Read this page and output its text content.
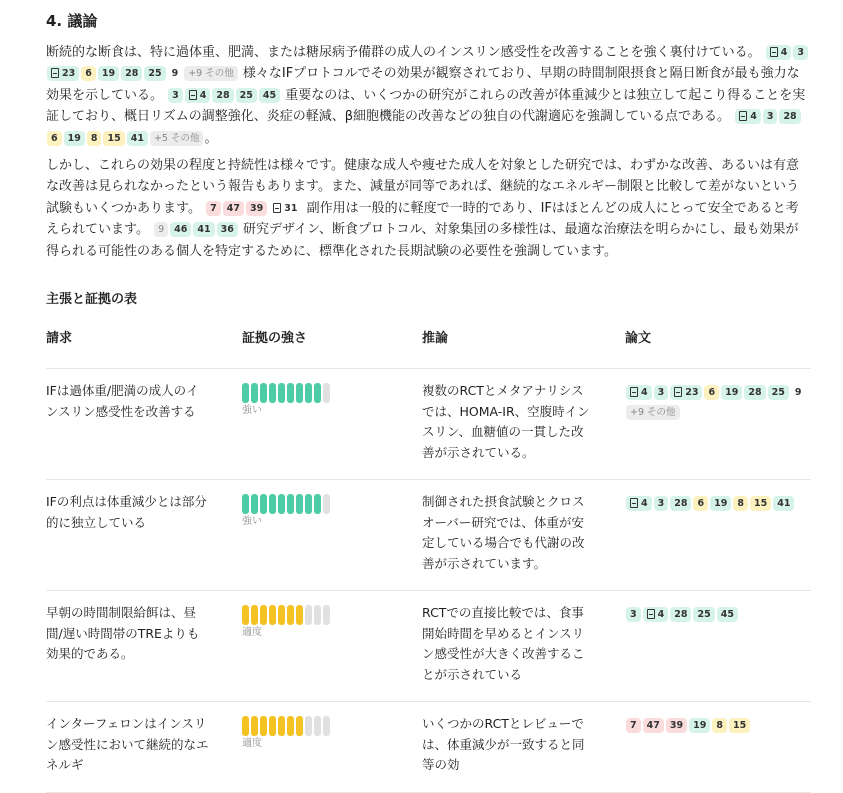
4. 議論

断続的な断食は、特に過体重、肥満、または糖尿病予備群の成人のインスリン感受性を改善することを強く裏付けている。 4 323 6 19 28 25 9 +9 その他 様々なIFプロトコルでその効果が観察されており、早期の時間制限摂食と隔日断食が最も強力な効果を示している。 3 4 28 25 45 重要なのは、いくつかの研究がこれらの改善が体重減少とは独立して起こり得ることを実証しており、概日リズムの調整強化、炎症の軽減、β細胞機能の改善などの独自の代謝適応を強調している点である。 4 3 286 19 8 15 41 +5 その他 。

しかし、これらの効果の程度と持続性は様々です。健康な成人や痩せた成人を対象とした研究では、わずかな改善、あるいは有意な改善は見られなかったという報告もあります。また、減量が同等であれば、継続的なエネルギー制限と比較して差がないという試験もいくつかあります。 7 47 39 31 副作用は一般的に軽度で一時的であり、IFはほとんどの成人にとって安全であると考えられています。 9 46 41 36 研究デザイン、断食プロトコル、対象集団の多様性は、最適な治療法を明らかにし、最も効果が得られる可能性のある個人を特定するために、標準化された長期試験の必要性を強調しています。

主張と証拠の表
請求	証拠の強さ	推論	論文

IFは過体重/肥満の成人のインスリン感受性を改善する	強い	複数のRCTとメタアナリシスでは、HOMA-IR、空腹時インスリン、血糖値の一貫した改善が示されている。	4 3 23 6 19 28 25 9+9 その他

IFの利点は体重減少とは部分的に独立している	強い	制御された摂食試験とクロスオーバー研究では、体重が安定している場合でも代謝の改善が示されています。	4 3 28 6 19 8 15 41

早朝の時間制限給餌は、昼間/遅い時間帯のTREよりも効果的である。	適度	RCTでの直接比較では、食事開始時間を早めるとインスリン感受性が大きく改善することが示されている	3 4 28 25 45

インターフェロンはインスリン感受性において継続的なエネルギ	適度	いくつかのRCTとレビューでは、体重減少が一致すると同等の効	7 47 39 19 8 15
